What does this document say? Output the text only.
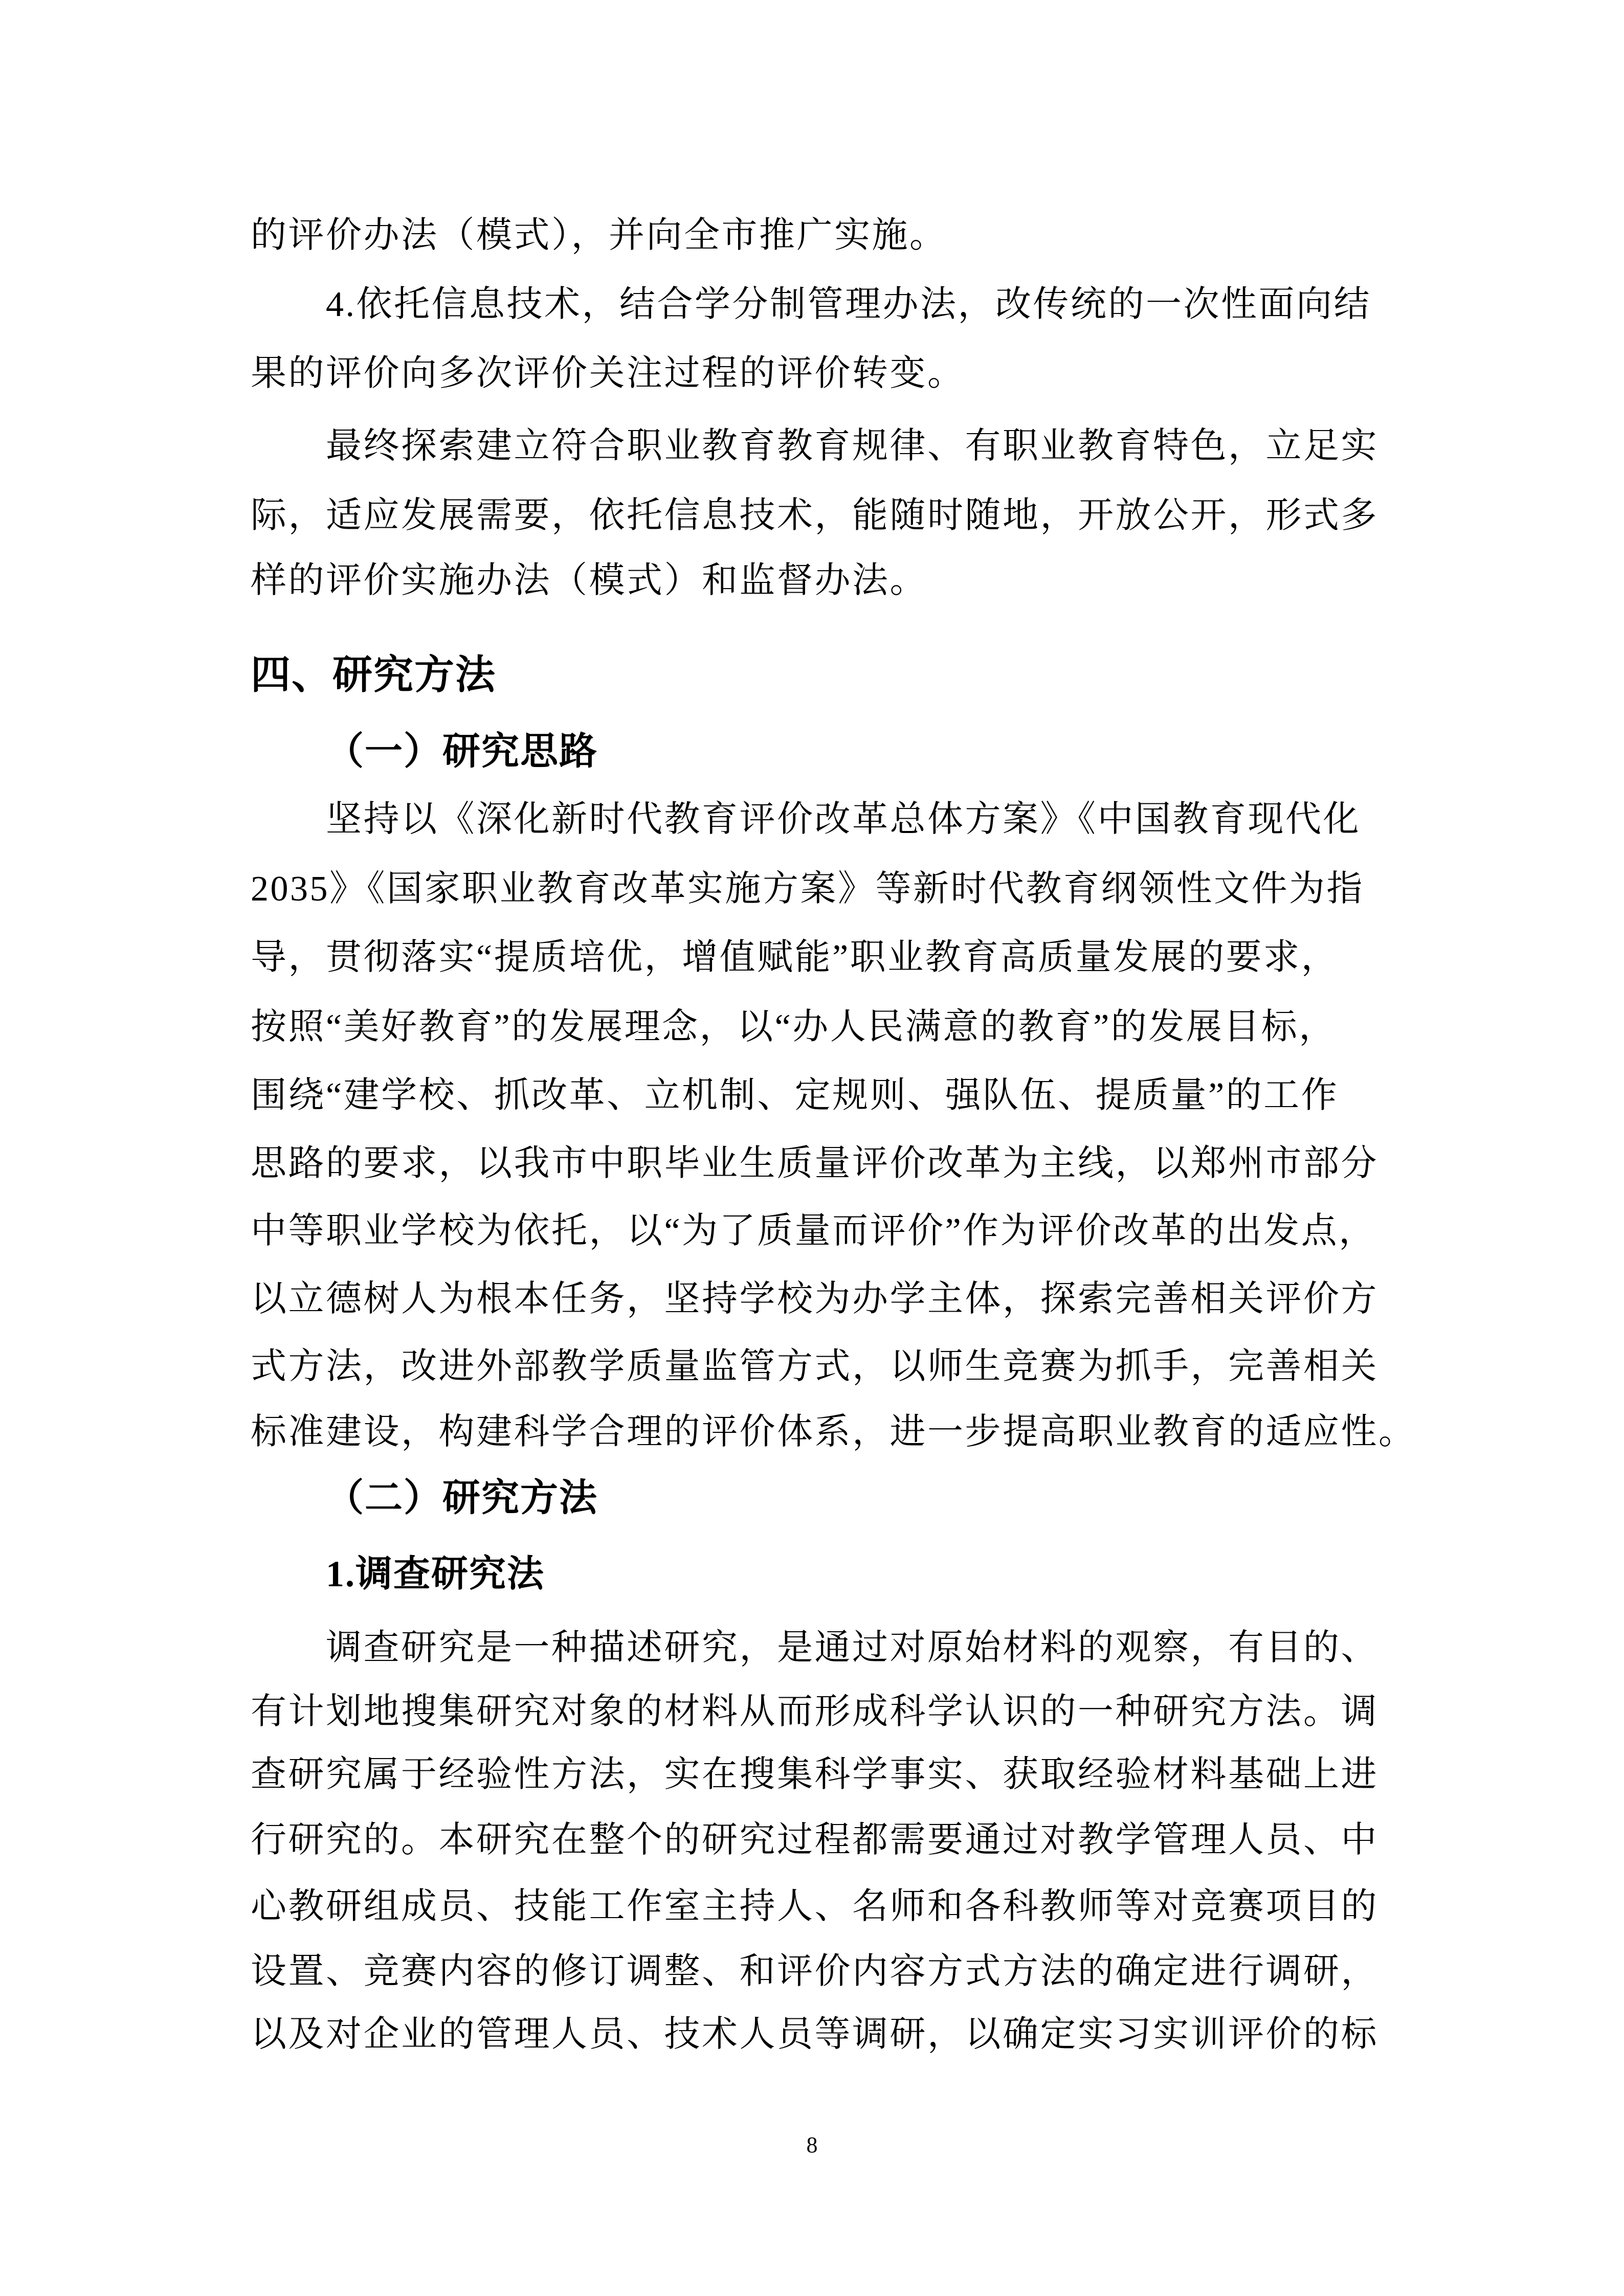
的评价办法（模式），并向全市推广实施。
4.依托信息技术，结合学分制管理办法，改传统的一次性面向结
果的评价向多次评价关注过程的评价转变。
最终探索建立符合职业教育教育规律、有职业教育特色，立足实
际，适应发展需要，依托信息技术，能随时随地，开放公开，形式多
样的评价实施办法（模式）和监督办法。
四、研究方法
（一）研究思路
坚持以《深化新时代教育评价改革总体方案》《中国教育现代化
2035》《国家职业教育改革实施方案》等新时代教育纲领性文件为指
导，贯彻落实“提质培优，增值赋能”职业教育高质量发展的要求，
按照“美好教育”的发展理念，以“办人民满意的教育”的发展目标，
围绕“建学校、抓改革、立机制、定规则、强队伍、提质量”的工作
思路的要求，以我市中职毕业生质量评价改革为主线，以郑州市部分
中等职业学校为依托，以“为了质量而评价”作为评价改革的出发点，
以立德树人为根本任务，坚持学校为办学主体，探索完善相关评价方
式方法，改进外部教学质量监管方式，以师生竞赛为抓手，完善相关
标准建设，构建科学合理的评价体系，进一步提高职业教育的适应性。
（二）研究方法
1.调查研究法
调查研究是一种描述研究，是通过对原始材料的观察，有目的、
有计划地搜集研究对象的材料从而形成科学认识的一种研究方法。调
查研究属于经验性方法，实在搜集科学事实、获取经验材料基础上进
行研究的。本研究在整个的研究过程都需要通过对教学管理人员、中
心教研组成员、技能工作室主持人、名师和各科教师等对竞赛项目的
设置、竞赛内容的修订调整、和评价内容方式方法的确定进行调研，
以及对企业的管理人员、技术人员等调研，以确定实习实训评价的标
8
